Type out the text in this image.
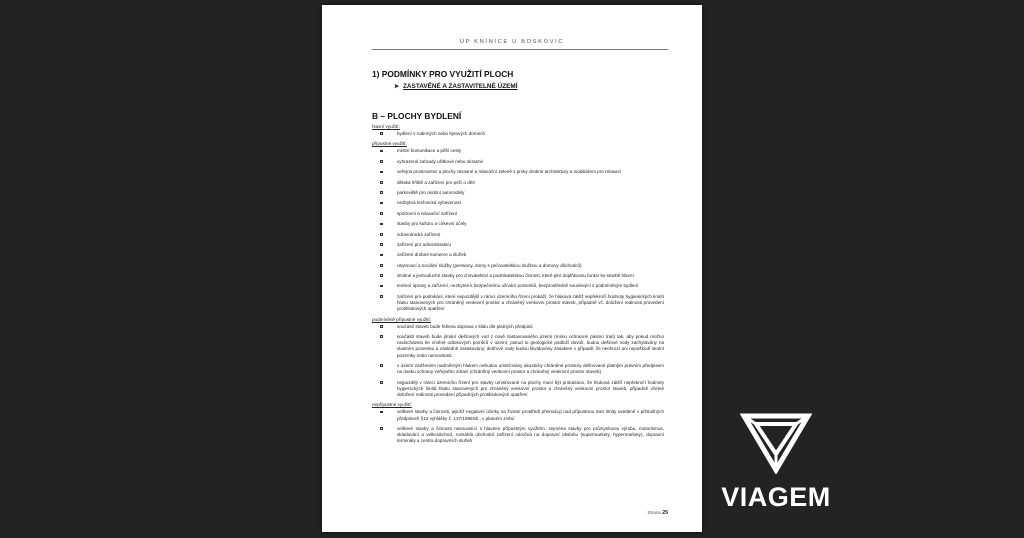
ÚP KNÍNICE U BOSKOVIC
1) PODMÍNKY PRO VYUŽITÍ PLOCH
➤ ZASTAVĚNÉ A ZASTAVITELNÉ ÚZEMÍ
B – PLOCHY BYDLENÍ
hlavní využití:
bydlení v rodinných nebo bytových domech
přípustné využití:
místní komunikace a pěší cesty
vyhrazené zahrady užitkové nebo okrasné
veřejná prostranství a plochy okrasné a relaxační zeleně s prvky drobné architektury a mobiliářem pro relaxaci
dětská hřiště a zařízení pro péči o děti
parkoviště pro osobní automobily
nezbytná technická vybavenost
sportovní a relaxační zařízení
stavby pro kulturu a církevní účely
zdravotnická zařízení
zařízení pro administrativu
zařízení drobné komerce a služeb
ubytovací a sociální služby (pensiony, domy s pečovatelskou službou a domovy důchodců)
drobné a jednoduché stavby pro chovatelství a podnikatelskou činnost, které plní doplňkovou funkci ke stavbě hlavní
terénní úpravy a zařízení, nezbytné k bezpečnému užívání pozemků, bezprostředně související s podmíněným bydlení
zařízení pro podnikání, které nepozdější v rámci územního řízení prokáží, že hluková zátěž nepřekročí hodnoty hygienických limitů hluku stanovených pro chráněný venkovní prostor a chráněný venkovní prostor staveb, případně vč. doložení reálnosti provedení protihlukových opatření
podmíněně přípustné využití:
součástí staveb bude řešena doprava v klidu dle platných předpisů
součástí staveb bude jímání dešťových vod z nově zastavovaného území (mimo ochranné pásmo trati) tak, aby pokud možno nedocházelo ke změně odtokových poměrů v území; pokud to geologické podloží dovolí, budou dešťové vody zachytávány na vlastním pozemku a následně zasakovány; dešťové vody budou likvidovány zásakem v případě, že neohrozí ani nepoškodí okolní pozemky nebo nemovitosti;
v území zatíženém nadměrným hlukem nebudou umisťovány akusticky chráněné prostory definované platným právním předpisem na úseku ochrany veřejného zdraví (chráněný venkovní prostor a chráněný venkovní prostor staveb)
nejpozději v rámci územního řízení pro stavby umisťované na plochy musí být prokázáno, že hluková zátěž nepřekročí hodnoty hygienických limitů hluku stanovených pro chráněný venkovní prostor a chráněný venkovní prostor staveb, případně včetně doložení reálnosti provedení případných protihlukových opatření
nepřípustné využití:
veškeré stavby a činnosti, jejichž negativní účinky na životní prostředí překračují nad přípustnou mez limity uvedené v příslušných předpisech §13 vyhlášky č. 137/1998Sb., v platném znění
veškeré stavby a činnosti nesouvisící s hlavním přípustným využitím, zejména stavby pro průmyslovou výrobu, motorismus, skladování a velkoobchod, rozsáhlá obchodní zařízení náročná na dopravní obsluhu (supermarkety, hypermarkety), dopravní terminály a centra dopravních služeb
Strana 25
VIAGEM
